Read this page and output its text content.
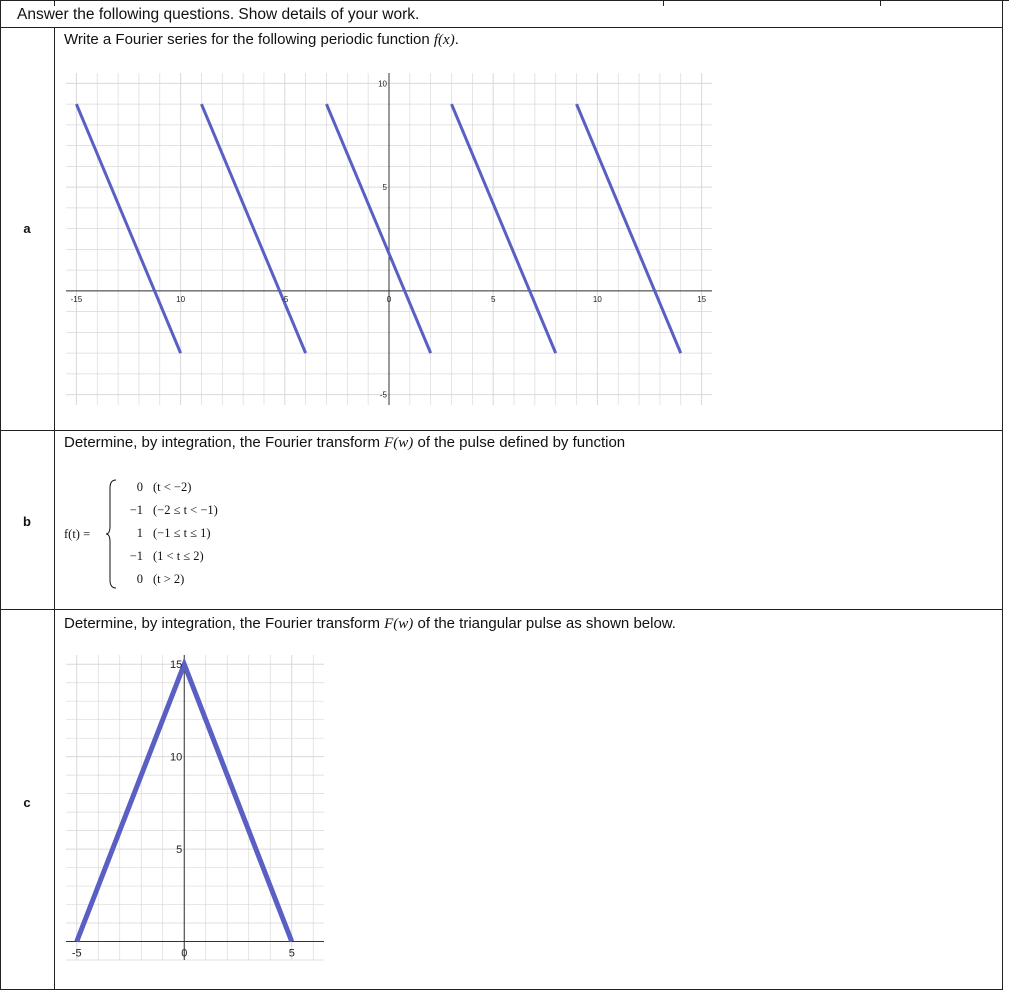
Answer the following questions. Show details of your work.
a
Write a Fourier series for the following periodic function f(x).
-15	10	-5	0	5	10	15
10
5
-5
-5	0	5
15
10
5
b
Determine, by integration, the Fourier transform F(w) of the pulse defined by function
f(t) =
0 (t < −2)
−1 (−2 ≤ t < −1)
1 (−1 ≤ t ≤ 1)
−1 (1 < t ≤ 2)
0 (t > 2)
c
Determine, by integration, the Fourier transform F(w) of the triangular pulse as shown below.
